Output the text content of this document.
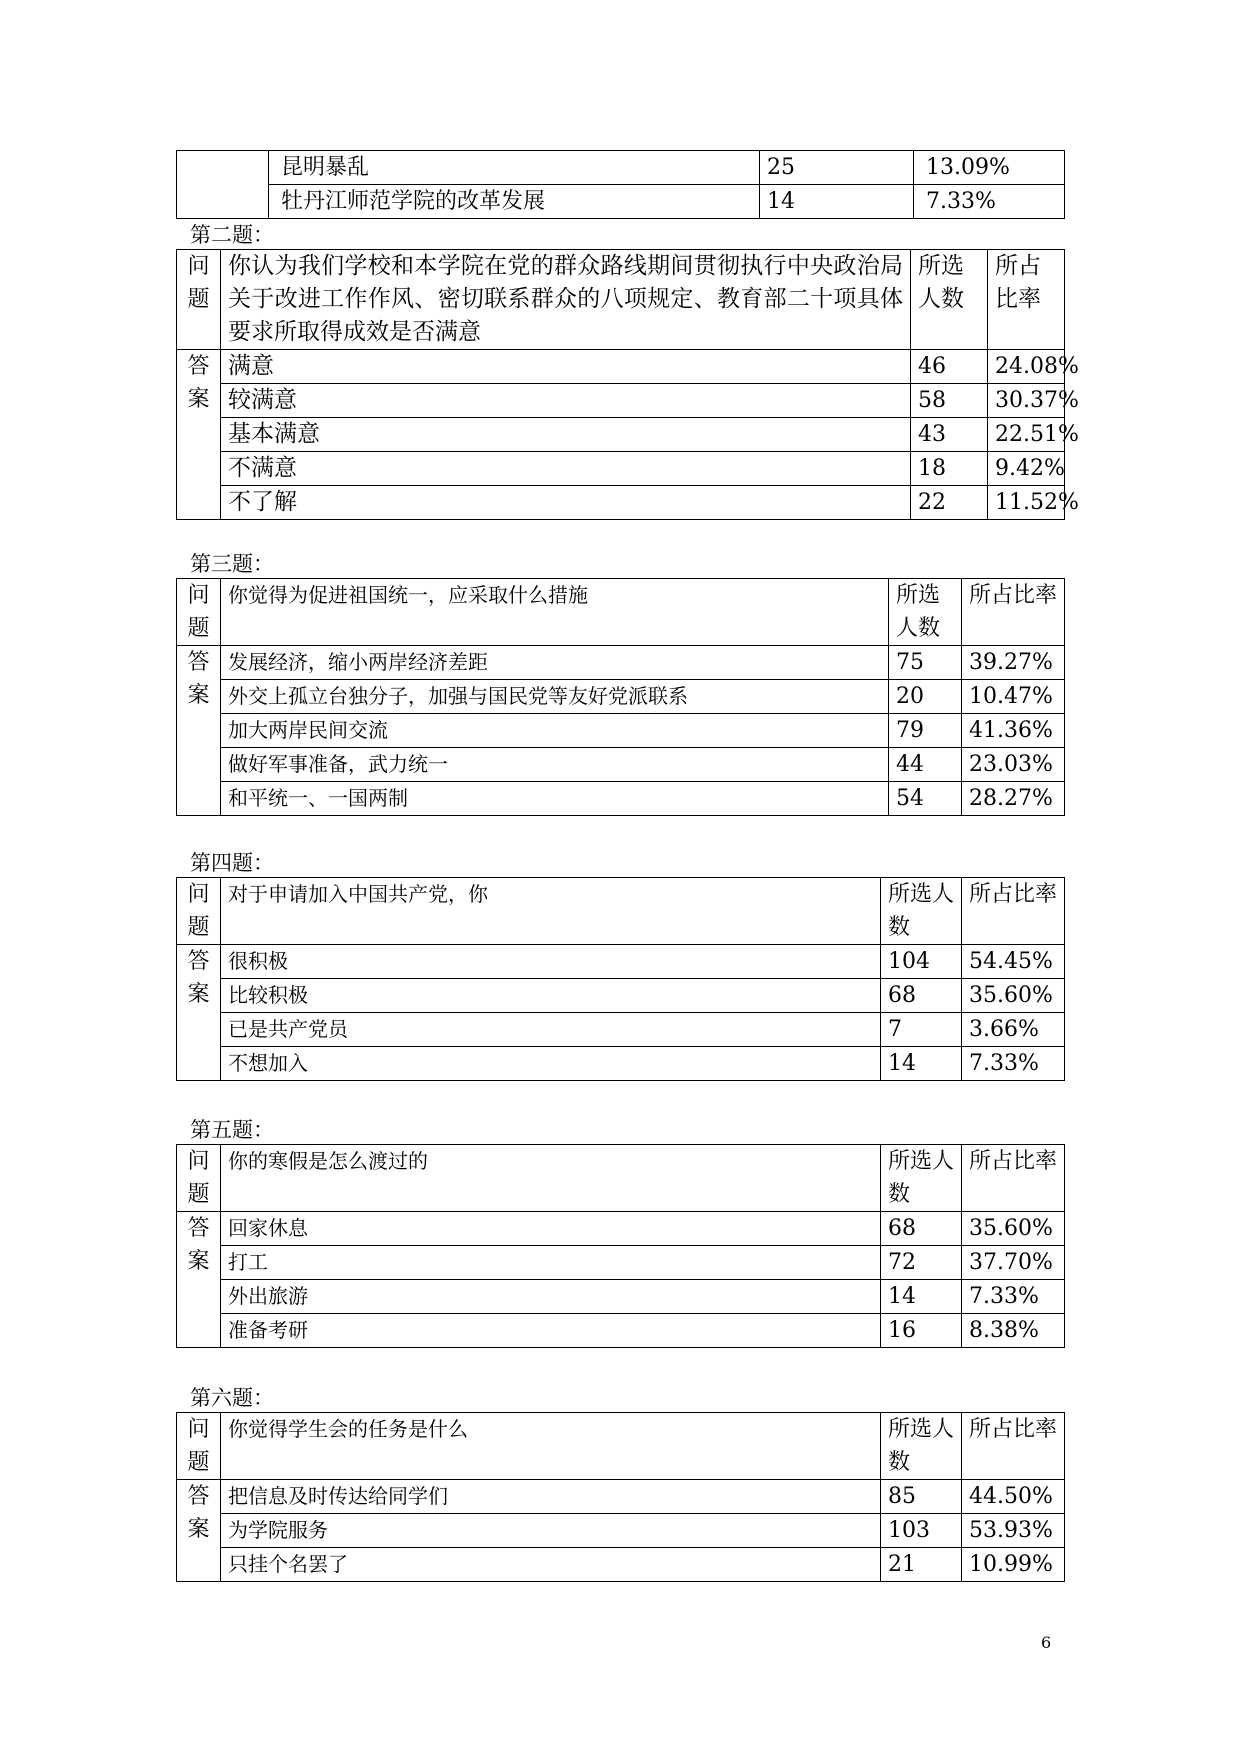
	昆明暴乱	25	13.09%
	牡丹江师范学院的改革发展	14	7.33%
第二题：
问题	你认为我们学校和本学院在党的群众路线期间贯彻执行中央政治局关于改进工作作风、密切联系群众的八项规定、教育部二十项具体要求所取得成效是否满意	所选人数	所占比率
答案	满意	46	24.08%
	较满意	58	30.37%
	基本满意	43	22.51%
	不满意	18	9.42%
	不了解	22	11.52%
第三题：
问题	你觉得为促进祖国统一，应采取什么措施	所选人数	所占比率
答案	发展经济，缩小两岸经济差距	75	39.27%
	外交上孤立台独分子，加强与国民党等友好党派联系	20	10.47%
	加大两岸民间交流	79	41.36%
	做好军事准备，武力统一	44	23.03%
	和平统一、一国两制	54	28.27%
第四题：
问题	对于申请加入中国共产党，你	所选人数	所占比率
答案	很积极	104	54.45%
	比较积极	68	35.60%
	已是共产党员	7	3.66%
	不想加入	14	7.33%
第五题：
问题	你的寒假是怎么渡过的	所选人数	所占比率
答案	回家休息	68	35.60%
	打工	72	37.70%
	外出旅游	14	7.33%
	准备考研	16	8.38%
第六题：
问题	你觉得学生会的任务是什么	所选人数	所占比率
答案	把信息及时传达给同学们	85	44.50%
	为学院服务	103	53.93%
	只挂个名罢了	21	10.99%
6
